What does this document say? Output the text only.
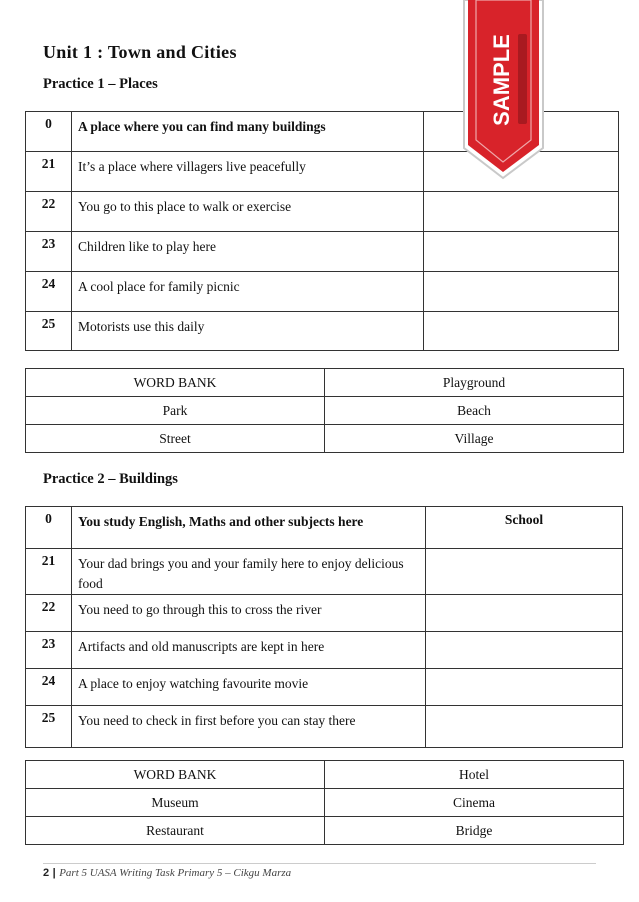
Unit 1 : Town and Cities
Practice 1 – Places
0	A place where you can find many buildings	
21	It’s a place where villagers live peacefully	
22	You go to this place to walk or exercise	
23	Children like to play here	
24	A cool place for family picnic	
25	Motorists use this daily	
WORD BANK	Playground
Park	Beach
Street	Village
Practice 2 – Buildings
0	You study English, Maths and other subjects here	School
21	Your dad brings you and your family here to enjoy delicious food	
22	You need to go through this to cross the river	
23	Artifacts and old manuscripts are kept in here	
24	A place to enjoy watching favourite movie	
25	You need to check in first before you can stay there	
WORD BANK	Hotel
Museum	Cinema
Restaurant	Bridge
SAMPLE
2 | Part 5 UASA Writing Task Primary 5 – Cikgu Marza
